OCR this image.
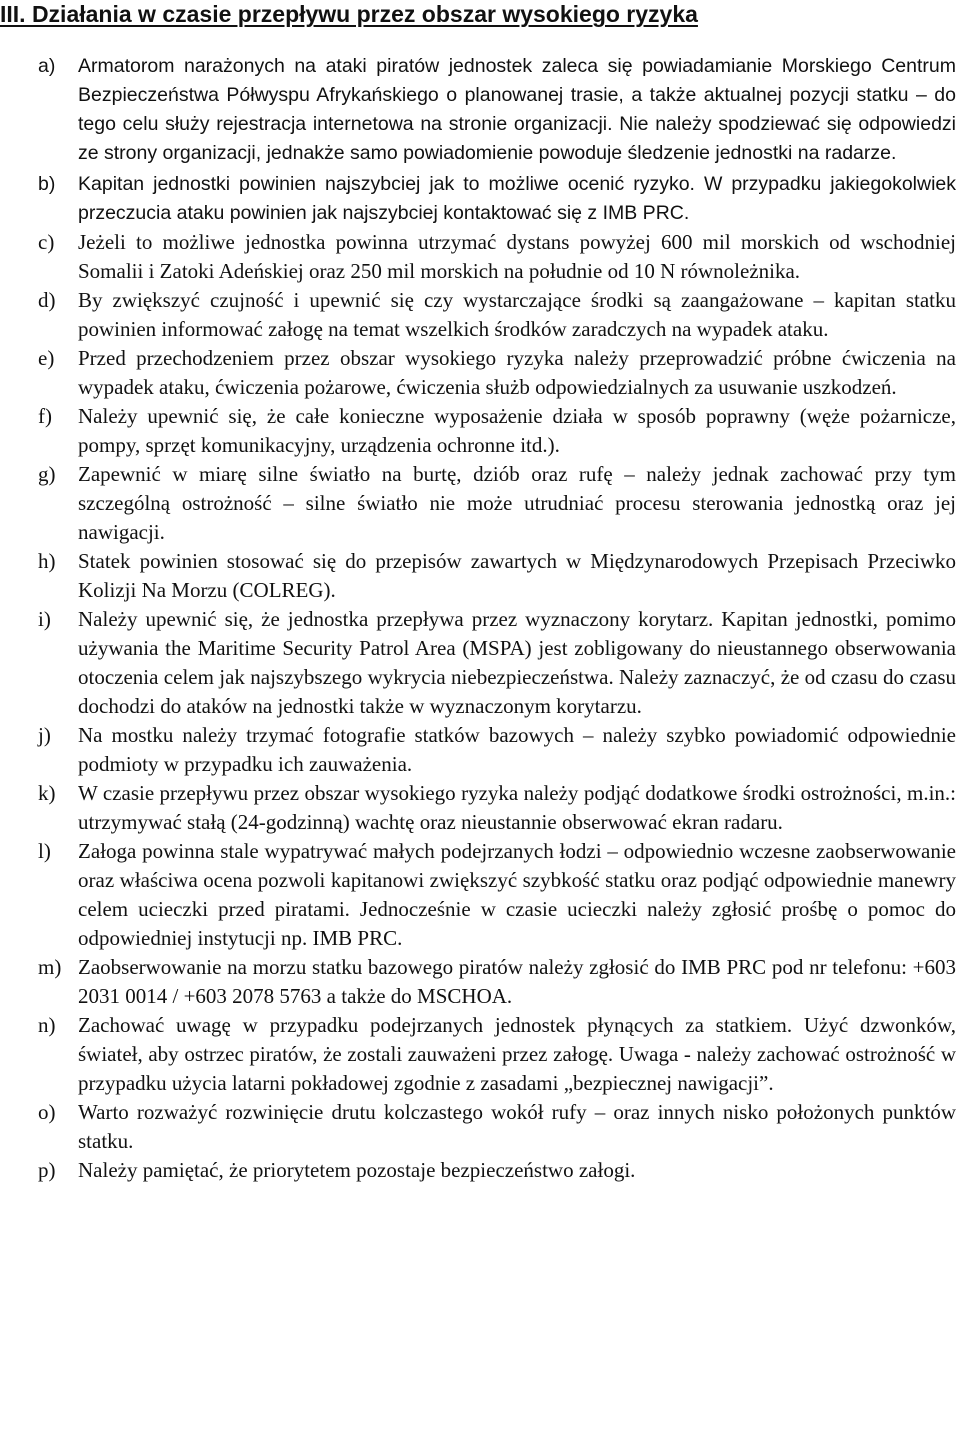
III. Działania w czasie przepływu przez obszar wysokiego ryzyka
a) Armatorom narażonych na ataki piratów jednostek zaleca się powiadamianie Morskiego Centrum Bezpieczeństwa Półwyspu Afrykańskiego o planowanej trasie, a także aktualnej pozycji statku – do tego celu służy rejestracja internetowa na stronie organizacji. Nie należy spodziewać się odpowiedzi ze strony organizacji, jednakże samo powiadomienie powoduje śledzenie jednostki na radarze.
b) Kapitan jednostki powinien najszybciej jak to możliwe ocenić ryzyko. W przypadku jakiegokolwiek przeczucia ataku powinien jak najszybciej kontaktować się z IMB PRC.
c) Jeżeli to możliwe jednostka powinna utrzymać dystans powyżej 600 mil morskich od wschodniej Somalii i Zatoki Adeńskiej oraz 250 mil morskich na południe od 10 N równoleżnika.
d) By zwiększyć czujność i upewnić się czy wystarczające środki są zaangażowane – kapitan statku powinien informować załogę na temat wszelkich środków zaradczych na wypadek ataku.
e) Przed przechodzeniem przez obszar wysokiego ryzyka należy przeprowadzić próbne ćwiczenia na wypadek ataku, ćwiczenia pożarowe, ćwiczenia służb odpowiedzialnych za usuwanie uszkodzeń.
f) Należy upewnić się, że całe konieczne wyposażenie działa w sposób poprawny (węże pożarnicze, pompy, sprzęt komunikacyjny, urządzenia ochronne itd.).
g) Zapewnić w miarę silne światło na burtę, dziób oraz rufę – należy jednak zachować przy tym szczególną ostrożność – silne światło nie może utrudniać procesu sterowania jednostką oraz jej nawigacji.
h) Statek powinien stosować się do przepisów zawartych w Międzynarodowych Przepisach Przeciwko Kolizji Na Morzu (COLREG).
i) Należy upewnić się, że jednostka przepływa przez wyznaczony korytarz. Kapitan jednostki, pomimo używania the Maritime Security Patrol Area (MSPA) jest zobligowany do nieustannego obserwowania otoczenia celem jak najszybszego wykrycia niebezpieczeństwa. Należy zaznaczyć, że od czasu do czasu dochodzi do ataków na jednostki także w wyznaczonym korytarzu.
j) Na mostku należy trzymać fotografie statków bazowych – należy szybko powiadomić odpowiednie podmioty w przypadku ich zauważenia.
k) W czasie przepływu przez obszar wysokiego ryzyka należy podjąć dodatkowe środki ostrożności, m.in.: utrzymywać stałą (24-godzinną) wachtę oraz nieustannie obserwować ekran radaru.
l) Załoga powinna stale wypatrywać małych podejrzanych łodzi – odpowiednio wczesne zaobserwowanie oraz właściwa ocena pozwoli kapitanowi zwiększyć szybkość statku oraz podjąć odpowiednie manewry celem ucieczki przed piratami. Jednocześnie w czasie ucieczki należy zgłosić prośbę o pomoc do odpowiedniej instytucji np. IMB PRC.
m) Zaobserwowanie na morzu statku bazowego piratów należy zgłosić do IMB PRC pod nr telefonu: +603 2031 0014 / +603 2078 5763 a także do MSCHOA.
n) Zachować uwagę w przypadku podejrzanych jednostek płynących za statkiem. Użyć dzwonków, świateł, aby ostrzec piratów, że zostali zauważeni przez załogę. Uwaga - należy zachować ostrożność w przypadku użycia latarni pokładowej zgodnie z zasadami „bezpiecznej nawigacji”.
o) Warto rozważyć rozwinięcie drutu kolczastego wokół rufy – oraz innych nisko położonych punktów statku.
p) Należy pamiętać, że priorytetem pozostaje bezpieczeństwo załogi.
